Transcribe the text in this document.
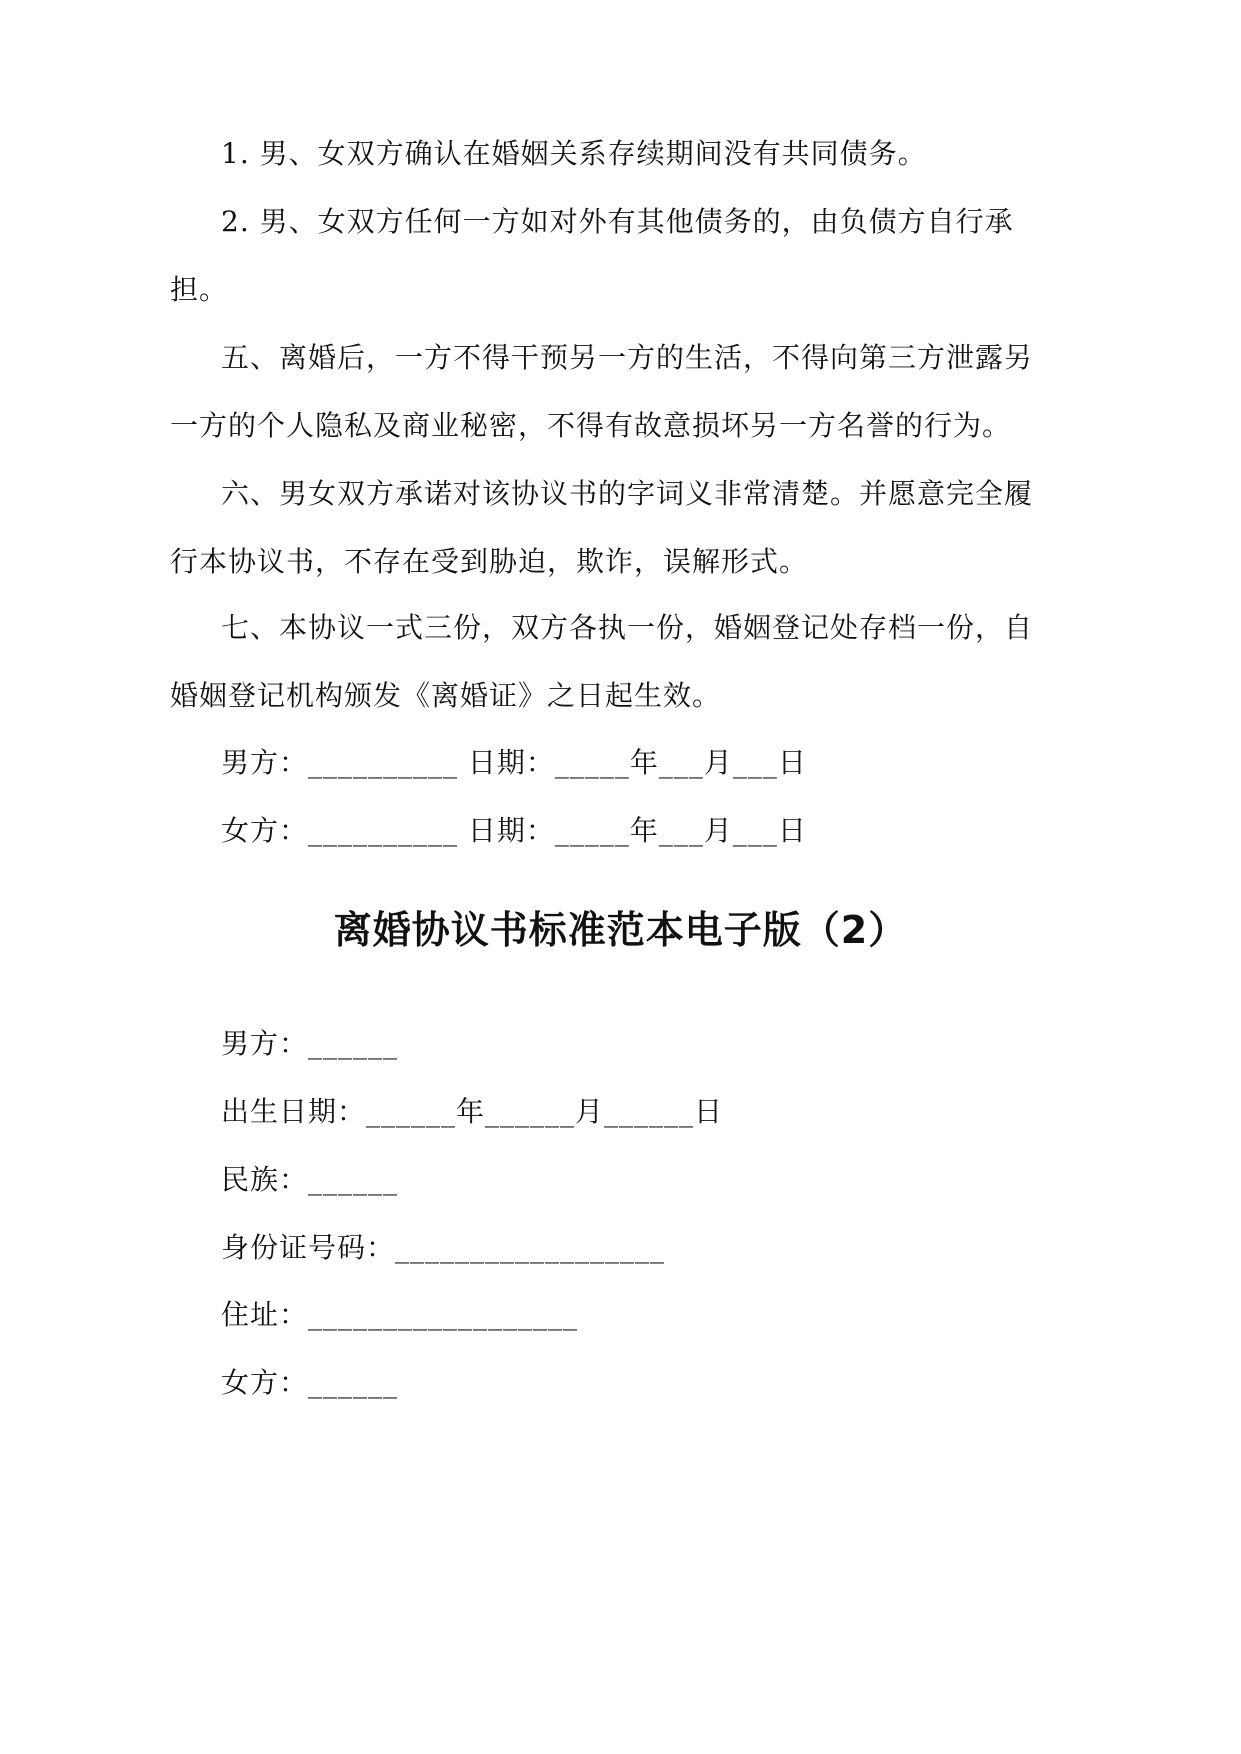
1. 男、女双方确认在婚姻关系存续期间没有共同债务。
2. 男、女双方任何一方如对外有其他债务的，由负债方自行承
担。
五、离婚后，一方不得干预另一方的生活，不得向第三方泄露另
一方的个人隐私及商业秘密，不得有故意损坏另一方名誉的行为。
六、男女双方承诺对该协议书的字词义非常清楚。并愿意完全履
行本协议书，不存在受到胁迫，欺诈，误解形式。
七、本协议一式三份，双方各执一份，婚姻登记处存档一份，自
婚姻登记机构颁发《离婚证》之日起生效。
男方：__________ 日期：_____年___月___日
女方：__________ 日期：_____年___月___日
离婚协议书标准范本电子版（2）
男方：______
出生日期：______年______月______日
民族：______
身份证号码：__________________
住址：__________________
女方：______
